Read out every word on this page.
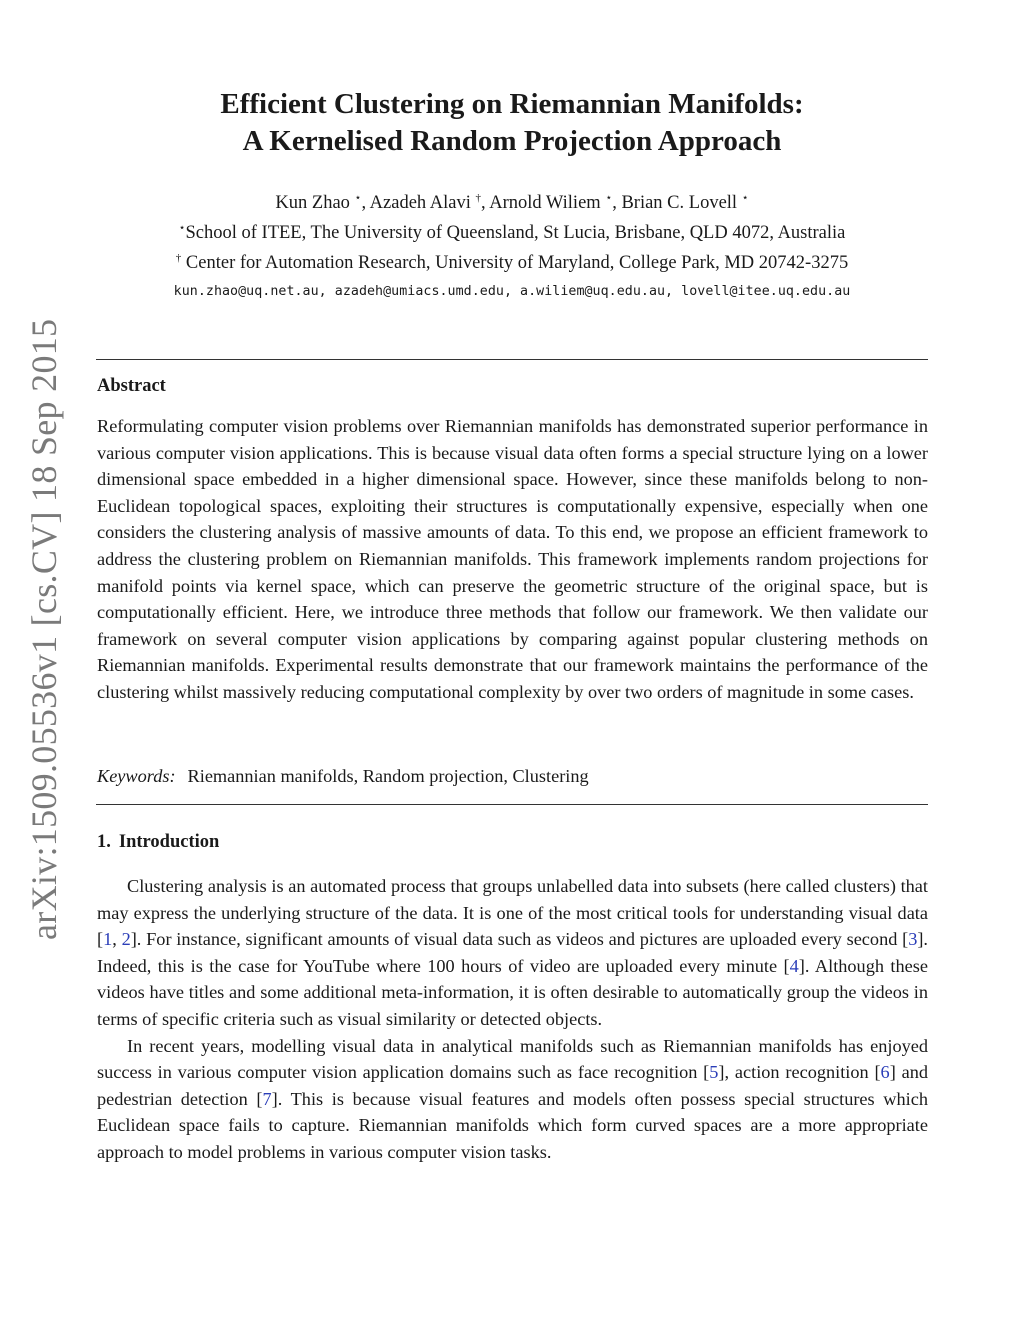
arXiv:1509.05536v1 [cs.CV] 18 Sep 2015
Efficient Clustering on Riemannian Manifolds:
A Kernelised Random Projection Approach
Kun Zhao ⋆, Azadeh Alavi †, Arnold Wiliem ⋆, Brian C. Lovell ⋆
⋆School of ITEE, The University of Queensland, St Lucia, Brisbane, QLD 4072, Australia
† Center for Automation Research, University of Maryland, College Park, MD 20742-3275
kun.zhao@uq.net.au, azadeh@umiacs.umd.edu, a.wiliem@uq.edu.au, lovell@itee.uq.edu.au
Abstract

Reformulating computer vision problems over Riemannian manifolds has demonstrated superior performance in various computer vision applications. This is because visual data often forms a special structure lying on a lower dimensional space embedded in a higher dimensional space. However, since these manifolds belong to non-Euclidean topological spaces, exploiting their structures is computationally expensive, especially when one considers the clustering analysis of massive amounts of data. To this end, we propose an efficient framework to address the clustering problem on Riemannian manifolds. This framework implements random projections for manifold points via kernel space, which can preserve the geometric structure of the original space, but is computationally efficient. Here, we introduce three methods that follow our framework. We then validate our framework on several computer vision applications by comparing against popular clustering methods on Riemannian manifolds. Experimental results demonstrate that our framework maintains the performance of the clustering whilst massively reducing computational complexity by over two orders of magnitude in some cases.

Keywords: Riemannian manifolds, Random projection, Clustering
1. Introduction

Clustering analysis is an automated process that groups unlabelled data into subsets (here called clusters) that may express the underlying structure of the data. It is one of the most critical tools for understanding visual data [1, 2]. For instance, significant amounts of visual data such as videos and pictures are uploaded every second [3]. Indeed, this is the case for YouTube where 100 hours of video are uploaded every minute [4]. Although these videos have titles and some additional meta-information, it is often desirable to automatically group the videos in terms of specific criteria such as visual similarity or detected objects.

In recent years, modelling visual data in analytical manifolds such as Riemannian manifolds has enjoyed success in various computer vision application domains such as face recognition [5], action recognition [6] and pedestrian detection [7]. This is because visual features and models often possess special structures which Euclidean space fails to capture. Riemannian manifolds which form curved spaces are a more appropriate approach to model problems in various computer vision tasks.
